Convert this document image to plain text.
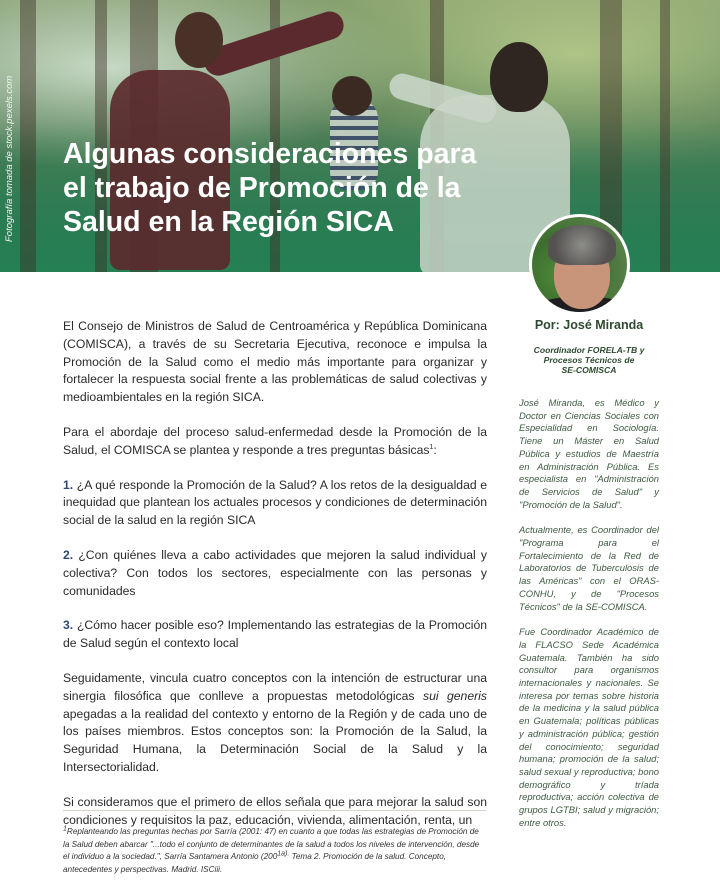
Fotografía tomada de stock.pexels.com Algunas consideraciones para
el trabajo de Promoción de la
Salud en la Región SICA
Por: José Miranda
Coordinador FORELA-TB y
Procesos Técnicos de
SE-COMISCA

José Miranda, es Médico y Doctor en Ciencias Sociales con Especialidad en Sociología. Tiene un Máster en Salud Pública y estudios de Maestría en Administración Pública. Es especialista en "Administración de Servicios de Salud" y "Promoción de la Salud".

Actualmente, es Coordinador del "Programa para el Fortalecimiento de la Red de Laboratorios de Tuberculosis de las Américas" con el ORAS-CONHU, y de "Procesos Técnicos" de la SE-COMISCA.

Fue Coordinador Académico de la FLACSO Sede Académica Guatemala. También ha sido consultor para organismos internacionales y nacionales. Se interesa por temas sobre historia de la medicina y la salud pública en Guatemala; políticas públicas y administración pública; gestión del conocimiento; seguridad humana; promoción de la salud; salud sexual y reproductiva; bono demográfico y tríada reproductiva; acción colectiva de grupos LGTBI; salud y migración; entre otros.

El Consejo de Ministros de Salud de Centroamérica y República Dominicana (COMISCA), a través de su Secretaria Ejecutiva, reconoce e impulsa la Promoción de la Salud como el medio más importante para organizar y fortalecer la respuesta social frente a las problemáticas de salud colectivas y medioambientales en la región SICA.

Para el abordaje del proceso salud-enfermedad desde la Promoción de la Salud, el COMISCA se plantea y responde a tres preguntas básicas$^1$:

1. ¿A qué responde la Promoción de la Salud? A los retos de la desigualdad e inequidad que plantean los actuales procesos y condiciones de determinación social de la salud en la región SICA

2. ¿Con quiénes lleva a cabo actividades que mejoren la salud individual y colectiva? Con todos los sectores, especialmente con las personas y comunidades

3. ¿Cómo hacer posible eso? Implementando las estrategias de la Promoción de Salud según el contexto local

Seguidamente, vincula cuatro conceptos con la intención de estructurar una sinergia filosófica que conlleve a propuestas metodológicas sui generis apegadas a la realidad del contexto y entorno de la Región y de cada uno de los países miembros. Estos conceptos son: la Promoción de la Salud, la Seguridad Humana, la Determinación Social de la Salud y la Intersectorialidad.

Si consideramos que el primero de ellos señala que para mejorar la salud son condiciones y requisitos la paz, educación, vivienda, alimentación, renta, un

$^1$Replanteando las preguntas hechas por Sarría (2001: 47) en cuanto a que todas las estrategias de Promoción de la Salud deben abarcar "...todo el conjunto de determinantes de la salud a todos los niveles de intervención, desde el individuo a la sociedad.", Sarría Santamera Antonio ($200^{1a).}$ Tema 2. Promoción de la salud. Concepto, antecedentes y perspectivas. Madrid. ISCiii.
